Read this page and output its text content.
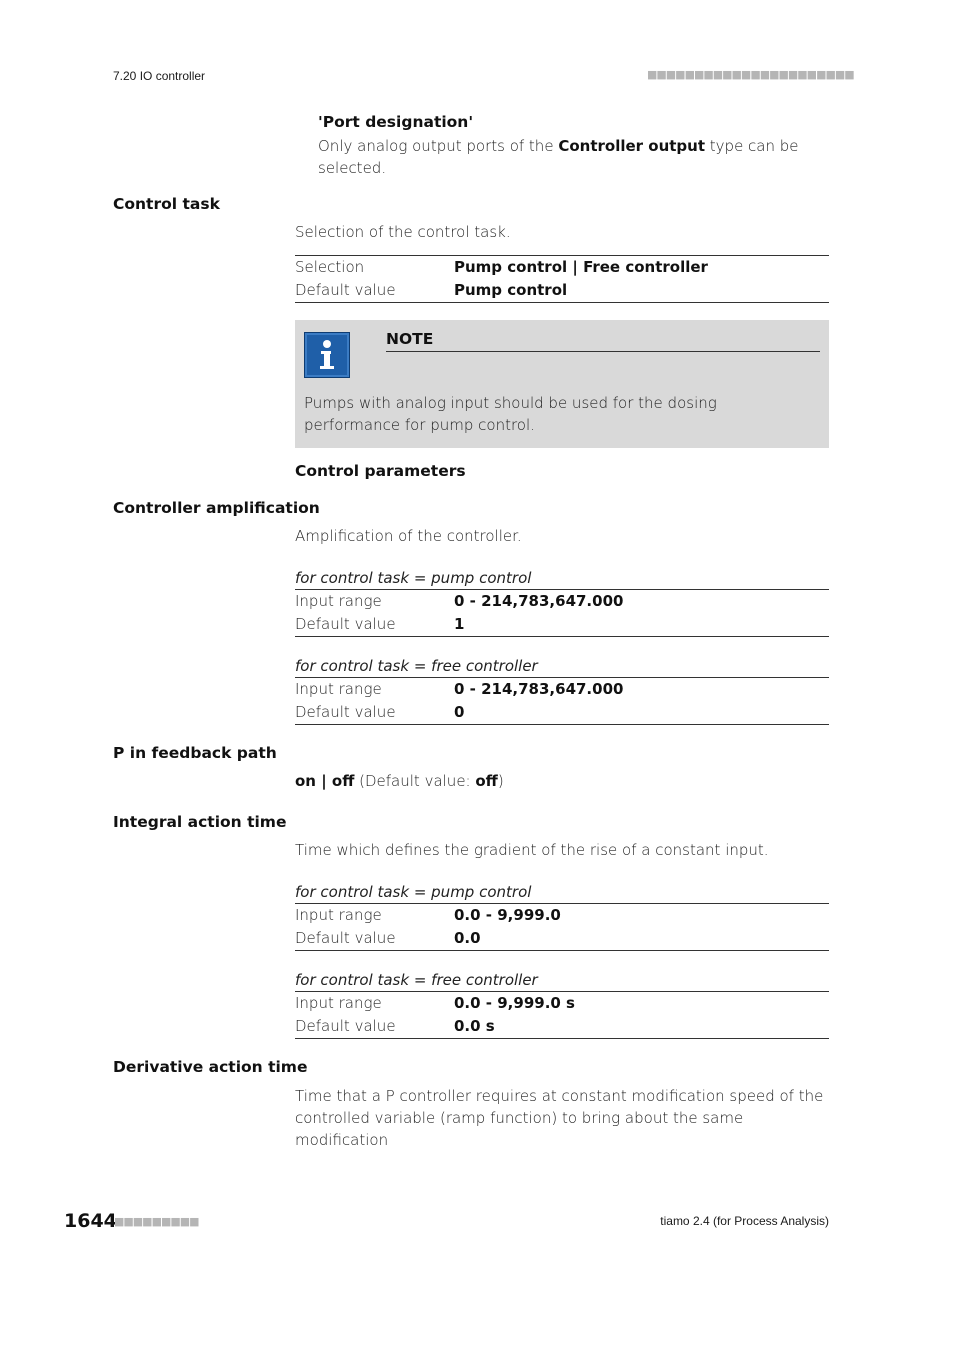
7.20 IO controller	■■■■■■■■■■■■■■■■■■■■■■
'Port designation'
Only analog output ports of the Controller output type can be selected.
Control task
Selection of the control task.
Selection	Pump control | Free controller
Default value	Pump control
NOTE
Pumps with analog input should be used for the dosing performance for pump control.
Control parameters
Controller amplification
Amplification of the controller.
for control task = pump control
Input range	0 - 214,783,647.000
Default value	1
for control task = free controller
Input range	0 - 214,783,647.000
Default value	0
P in feedback path
on | off (Default value: off)
Integral action time
Time which defines the gradient of the rise of a constant input.
for control task = pump control
Input range	0.0 - 9,999.0
Default value	0.0
for control task = free controller
Input range	0.0 - 9,999.0 s
Default value	0.0 s
Derivative action time
Time that a P controller requires at constant modification speed of the controlled variable (ramp function) to bring about the same modification
1644
■■■■■■■■■	tiamo 2.4 (for Process Analysis)
